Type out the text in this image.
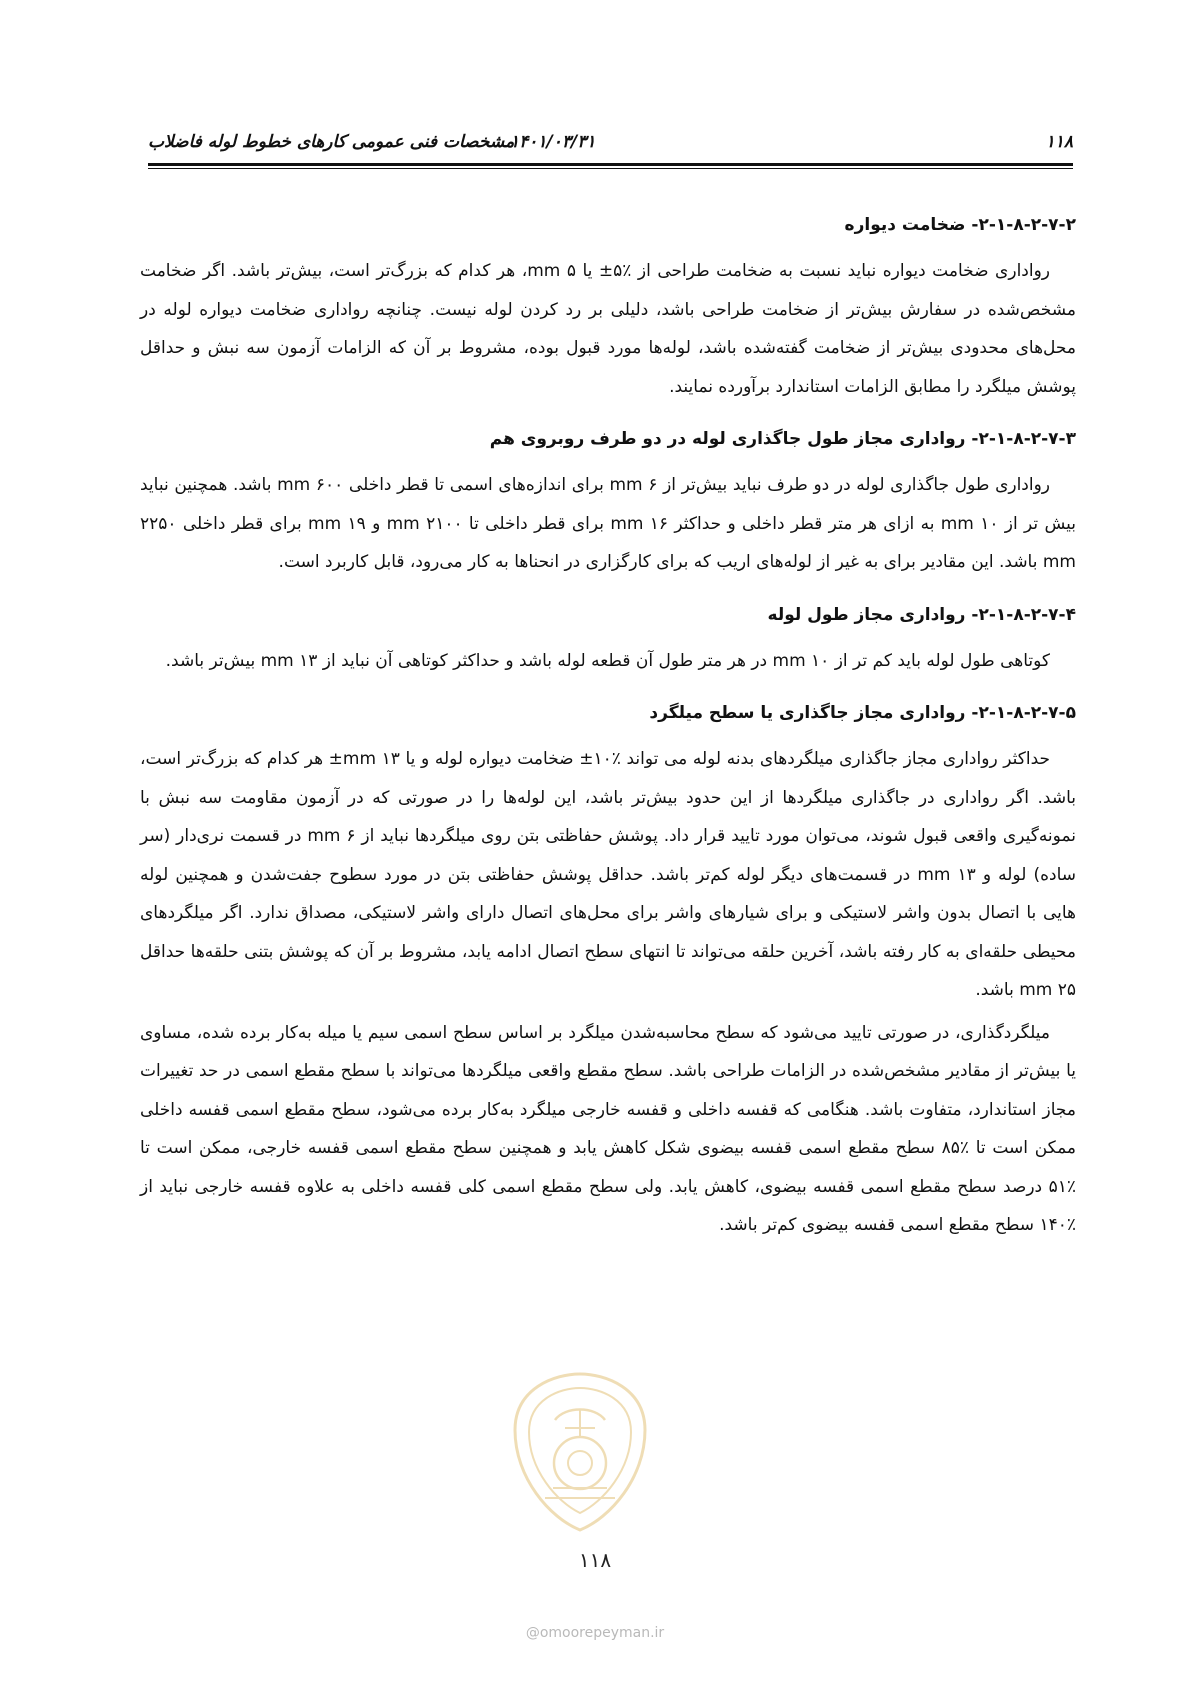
۱۱۸
۱۴۰۱/۰۳/۳۱
مشخصات فنی عمومی کارهای خطوط لوله فاضلاب
۲-۱-۸-۲-۷-۲- ضخامت دیواره

رواداری ضخامت دیواره نباید نسبت به ضخامت طراحی از ٪۵± یا ۵ mm، هر کدام که بزرگ‌تر است، بیش‌تر باشد. اگر ضخامت مشخص‌شده در سفارش بیش‌تر از ضخامت طراحی باشد، دلیلی بر رد کردن لوله نیست. چنانچه رواداری ضخامت دیواره لوله در محل‌های محدودی بیش‌تر از ضخامت گفته‌شده باشد، لوله‌ها مورد قبول بوده، مشروط بر آن که الزامات آزمون سه نبش و حداقل پوشش میلگرد را مطابق الزامات استاندارد برآورده نمایند.

۲-۱-۸-۲-۷-۳- رواداری مجاز طول جاگذاری لوله در دو طرف روبروی هم

رواداری طول جاگذاری لوله در دو طرف نباید بیش‌تر از ۶ mm برای اندازه‌های اسمی تا قطر داخلی ۶۰۰ mm باشد. همچنین نباید بیش تر از ۱۰ mm به ازای هر متر قطر داخلی و حداکثر ۱۶ mm برای قطر داخلی تا ۲۱۰۰ mm و ۱۹ mm برای قطر داخلی ۲۲۵۰ mm باشد. این مقادیر برای به غیر از لوله‌های اریب که برای کارگزاری در انحناها به کار می‌رود، قابل کاربرد است.

۲-۱-۸-۲-۷-۴- رواداری مجاز طول لوله

کوتاهی طول لوله باید کم تر از ۱۰ mm در هر متر طول آن قطعه لوله باشد و حداکثر کوتاهی آن نباید از ۱۳ mm بیش‌تر باشد.

۲-۱-۸-۲-۷-۵- رواداری مجاز جاگذاری یا سطح میلگرد

حداکثر رواداری مجاز جاگذاری میلگردهای بدنه لوله می تواند ٪۱۰± ضخامت دیواره لوله و یا ۱۳ mm± هر کدام که بزرگ‌تر است، باشد. اگر رواداری در جاگذاری میلگردها از این حدود بیش‌تر باشد، این لوله‌ها را در صورتی که در آزمون مقاومت سه نبش با نمونه‌گیری واقعی قبول شوند، می‌توان مورد تایید قرار داد. پوشش حفاظتی بتن روی میلگردها نباید از ۶ mm در قسمت نری‌دار (سر ساده) لوله و ۱۳ mm در قسمت‌های دیگر لوله کم‌تر باشد. حداقل پوشش حفاظتی بتن در مورد سطوح جفت‌شدن و همچنین لوله هایی با اتصال بدون واشر لاستیکی و برای شیارهای واشر برای محل‌های اتصال دارای واشر لاستیکی، مصداق ندارد. اگر میلگردهای محیطی حلقه‌ای به کار رفته باشد، آخرین حلقه می‌تواند تا انتهای سطح اتصال ادامه یابد، مشروط بر آن که پوشش بتنی حلقه‌ها حداقل ۲۵ mm باشد.

میلگردگذاری، در صورتی تایید می‌شود که سطح محاسبه‌شدن میلگرد بر اساس سطح اسمی سیم یا میله به‌کار برده شده، مساوی یا بیش‌تر از مقادیر مشخص‌شده در الزامات طراحی باشد. سطح مقطع واقعی میلگردها می‌تواند با سطح مقطع اسمی در حد تغییرات مجاز استاندارد، متفاوت باشد. هنگامی که قفسه داخلی و قفسه خارجی میلگرد به‌کار برده می‌شود، سطح مقطع اسمی قفسه داخلی ممکن است تا ٪۸۵ سطح مقطع اسمی قفسه بیضوی شکل کاهش یابد و همچنین سطح مقطع اسمی قفسه خارجی، ممکن است تا ٪۵۱ درصد سطح مقطع اسمی قفسه بیضوی، کاهش یابد. ولی سطح مقطع اسمی کلی قفسه داخلی به علاوه قفسه خارجی نباید از ٪۱۴۰ سطح مقطع اسمی قفسه بیضوی کم‌تر باشد.

۱۱۸
@omoorepeyman.ir
